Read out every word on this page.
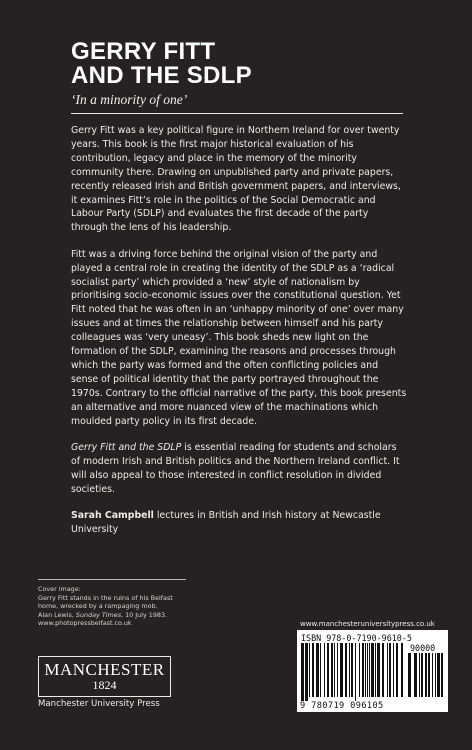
GERRY FITT
AND THE SDLP
‘In a minority of one’

Gerry Fitt was a key political figure in Northern Ireland for over twenty years. This book is the first major historical evaluation of his contribution, legacy and place in the memory of the minority community there. Drawing on unpublished party and private papers, recently released Irish and British government papers, and interviews, it examines Fitt’s role in the politics of the Social Democratic and Labour Party (SDLP) and evaluates the first decade of the party through the lens of his leadership.

Fitt was a driving force behind the original vision of the party and played a central role in creating the identity of the SDLP as a ‘radical socialist party’ which provided a ‘new’ style of nationalism by prioritising socio-economic issues over the constitutional question. Yet Fitt noted that he was often in an ‘unhappy minority of one’ over many issues and at times the relationship between himself and his party colleagues was ‘very uneasy’. This book sheds new light on the formation of the SDLP, examining the reasons and processes through which the party was formed and the often conflicting policies and sense of political identity that the party portrayed throughout the 1970s. Contrary to the official narrative of the party, this book presents an alternative and more nuanced view of the machinations which moulded party policy in its first decade.

Gerry Fitt and the SDLP is essential reading for students and scholars of modern Irish and British politics and the Northern Ireland conflict. It will also appeal to those interested in conflict resolution in divided societies.

Sarah Campbell lectures in British and Irish history at Newcastle University

Cover image:
Gerry Fitt stands in the ruins of his Belfast
home, wrecked by a rampaging mob.
Alan Lewis, Sunday Times, 10 July 1983.
www.photopressbelfast.co.uk
MANCHESTER
1824
Manchester University Press
www.manchesteruniversitypress.co.uk
ISBN 978-0-7190-9610-5
90000
9 780719 096105
